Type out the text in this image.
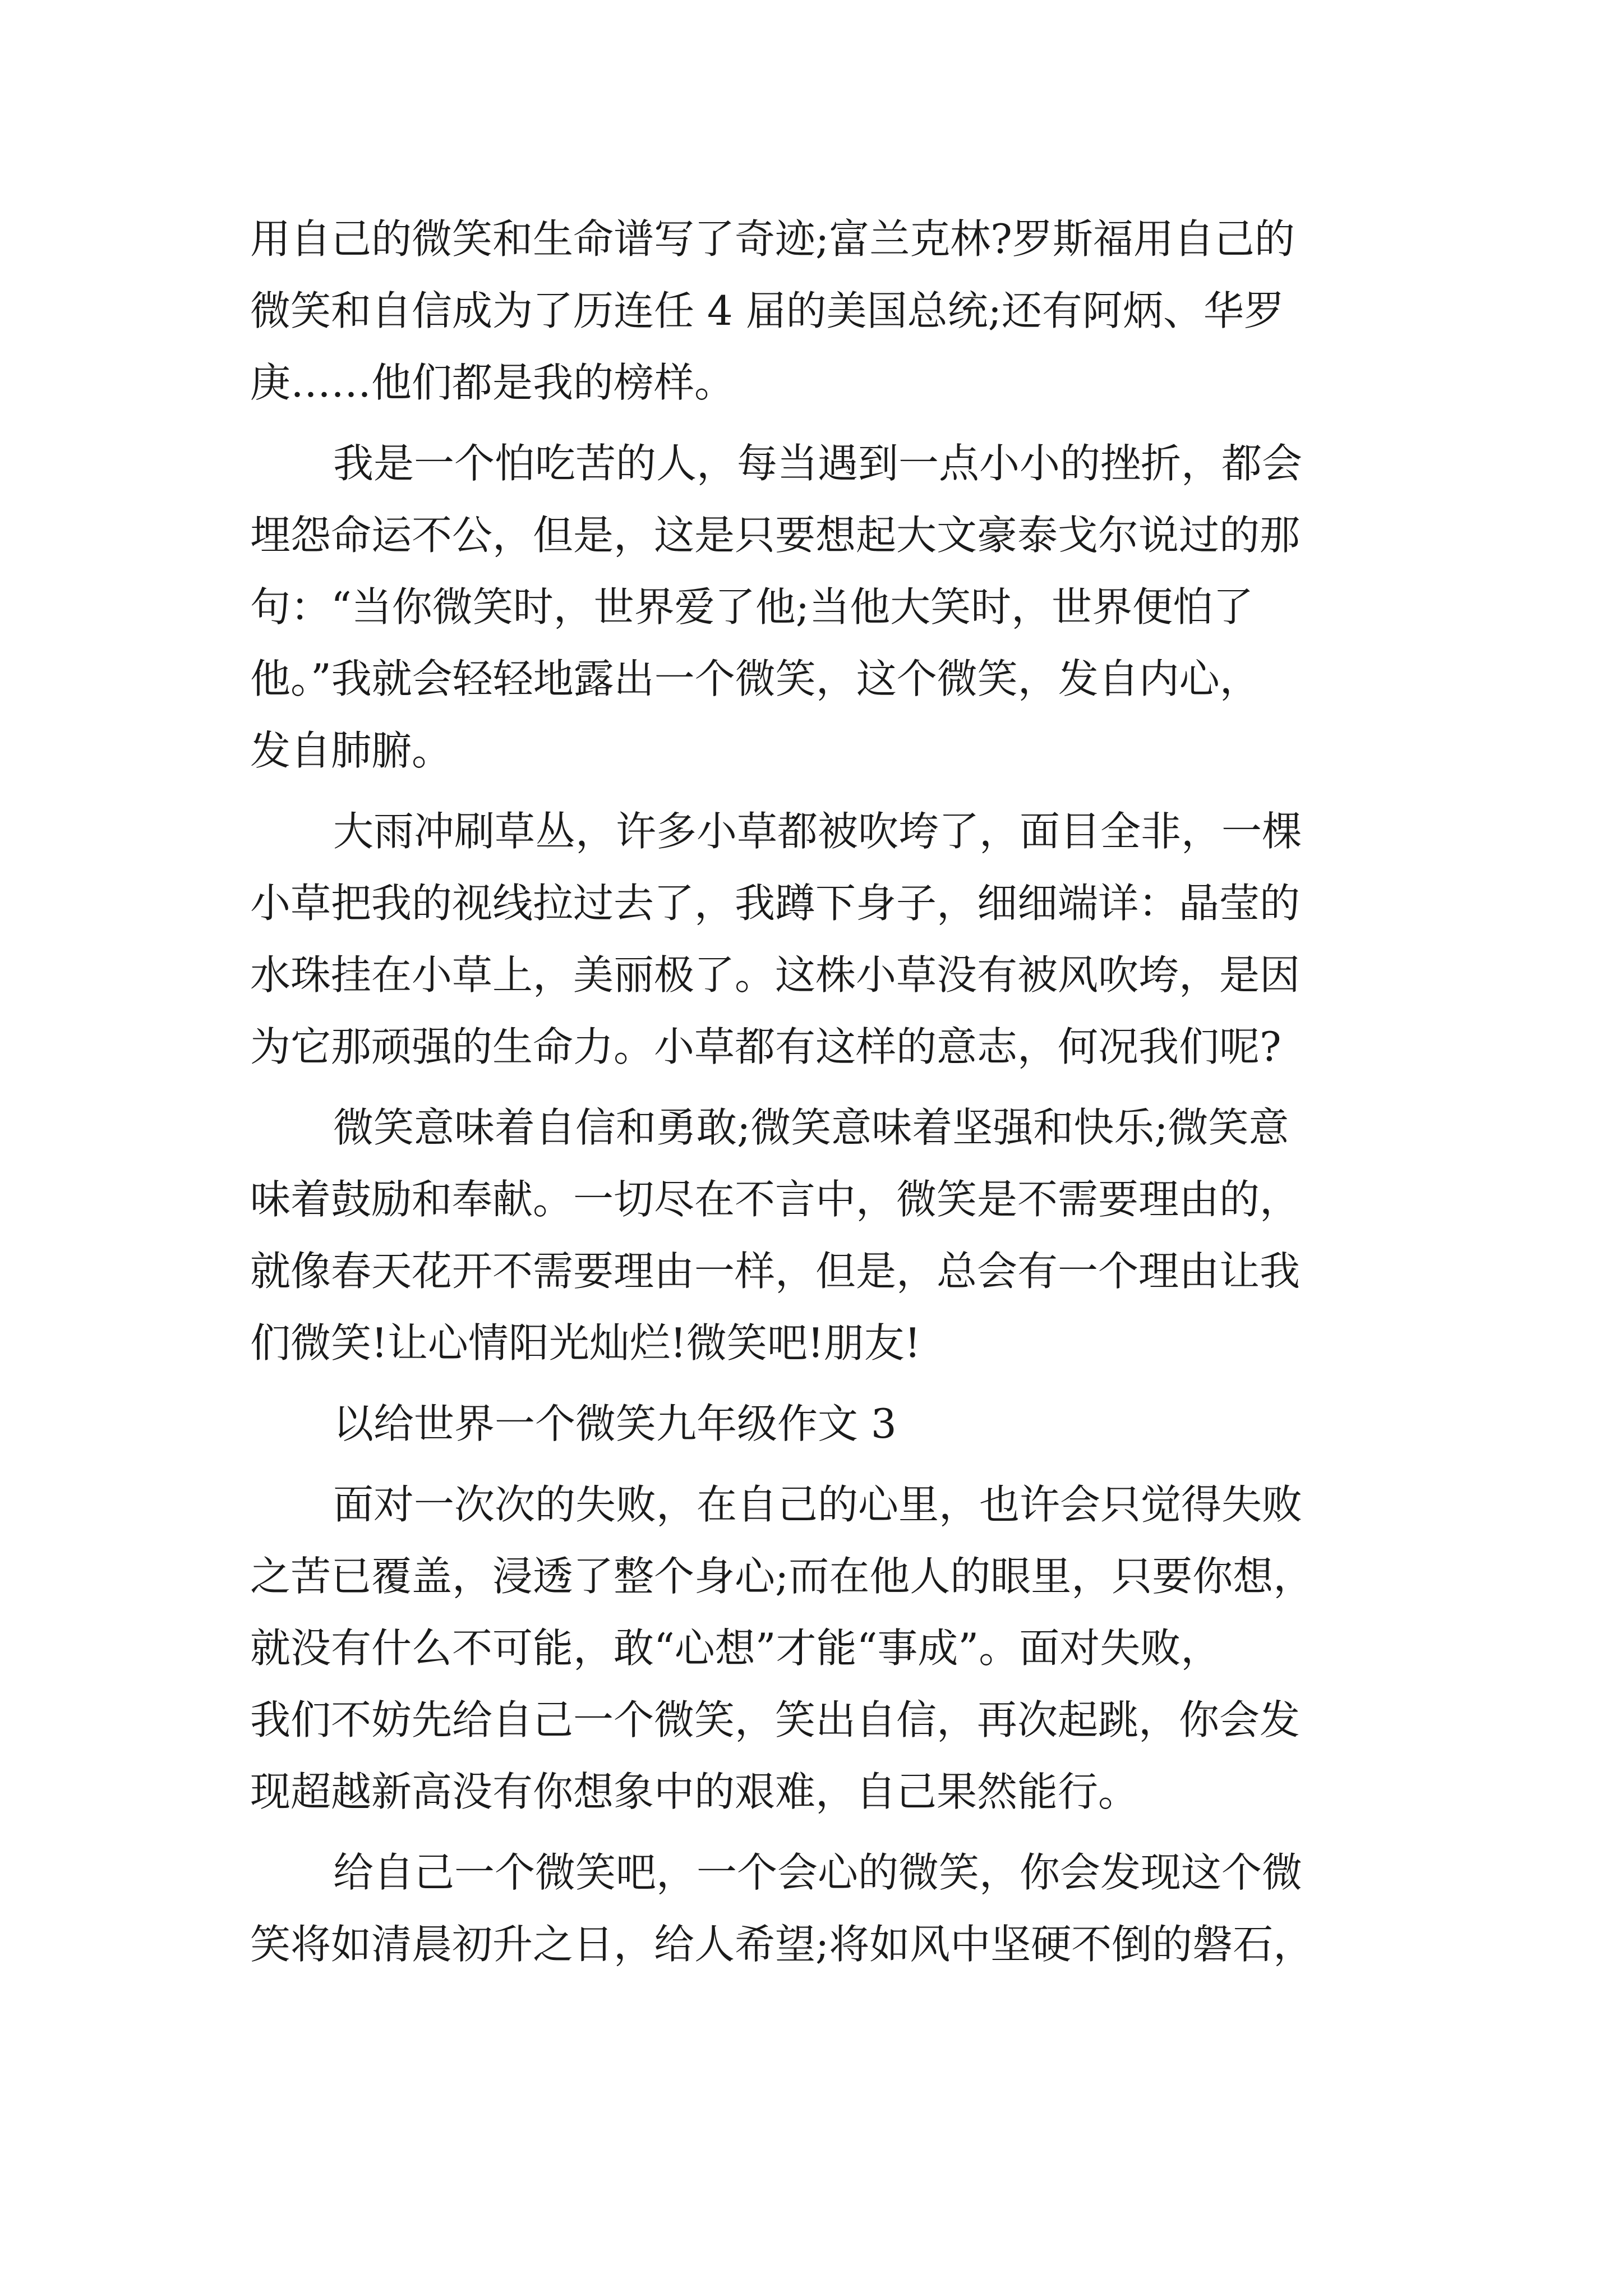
用自己的微笑和生命谱写了奇迹;富兰克林?罗斯福用自己的
微笑和自信成为了历连任 4 届的美国总统;还有阿炳、华罗
庚……他们都是我的榜样。
我是一个怕吃苦的人，每当遇到一点小小的挫折，都会
埋怨命运不公，但是，这是只要想起大文豪泰戈尔说过的那
句：“当你微笑时，世界爱了他;当他大笑时，世界便怕了
他。”我就会轻轻地露出一个微笑，这个微笑，发自内心，
发自肺腑。
大雨冲刷草丛，许多小草都被吹垮了，面目全非，一棵
小草把我的视线拉过去了，我蹲下身子，细细端详：晶莹的
水珠挂在小草上，美丽极了。这株小草没有被风吹垮，是因
为它那顽强的生命力。小草都有这样的意志，何况我们呢?
微笑意味着自信和勇敢;微笑意味着坚强和快乐;微笑意
味着鼓励和奉献。一切尽在不言中，微笑是不需要理由的，
就像春天花开不需要理由一样，但是，总会有一个理由让我
们微笑!让心情阳光灿烂!微笑吧!朋友!
以给世界一个微笑九年级作文 3
面对一次次的失败，在自己的心里，也许会只觉得失败
之苦已覆盖，浸透了整个身心;而在他人的眼里，只要你想，
就没有什么不可能，敢“心想”才能“事成”。面对失败，
我们不妨先给自己一个微笑，笑出自信，再次起跳，你会发
现超越新高没有你想象中的艰难，自己果然能行。
给自己一个微笑吧，一个会心的微笑，你会发现这个微
笑将如清晨初升之日，给人希望;将如风中坚硬不倒的磐石，
